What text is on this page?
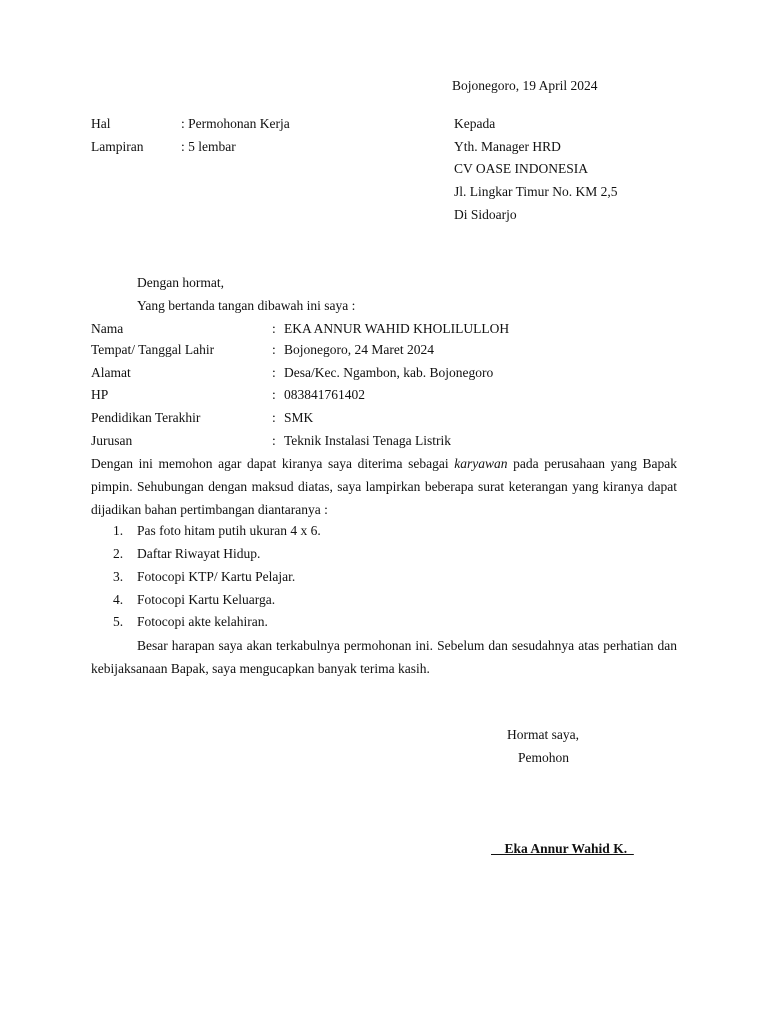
Bojonegoro, 19 April 2024
Hal	: Permohonan Kerja
Lampiran	: 5 lembar
Kepada
Yth. Manager HRD
CV OASE INDONESIA
Jl. Lingkar Timur No. KM 2,5
Di Sidoarjo
Dengan hormat,
Yang bertanda tangan dibawah ini saya :
Nama	: EKA ANNUR WAHID KHOLILULLOH
Tempat/ Tanggal Lahir	: Bojonegoro, 24 Maret 2024
Alamat	: Desa/Kec. Ngambon, kab. Bojonegoro
HP	: 083841761402
Pendidikan Terakhir	: SMK
Jurusan	: Teknik Instalasi Tenaga Listrik
Dengan ini memohon agar dapat kiranya saya diterima sebagai karyawan pada perusahaan yang Bapak pimpin. Sehubungan dengan maksud diatas, saya lampirkan beberapa surat keterangan yang kiranya dapat dijadikan bahan pertimbangan diantaranya :
1. Pas foto hitam putih ukuran 4 x 6.
2. Daftar Riwayat Hidup.
3. Fotocopi KTP/ Kartu Pelajar.
4. Fotocopi Kartu Keluarga.
5. Fotocopi akte kelahiran.
Besar harapan saya akan terkabulnya permohonan ini. Sebelum dan sesudahnya atas perhatian dan kebijaksanaan Bapak, saya mengucapkan banyak terima kasih.
Hormat saya,
Pemohon
Eka Annur Wahid K.
